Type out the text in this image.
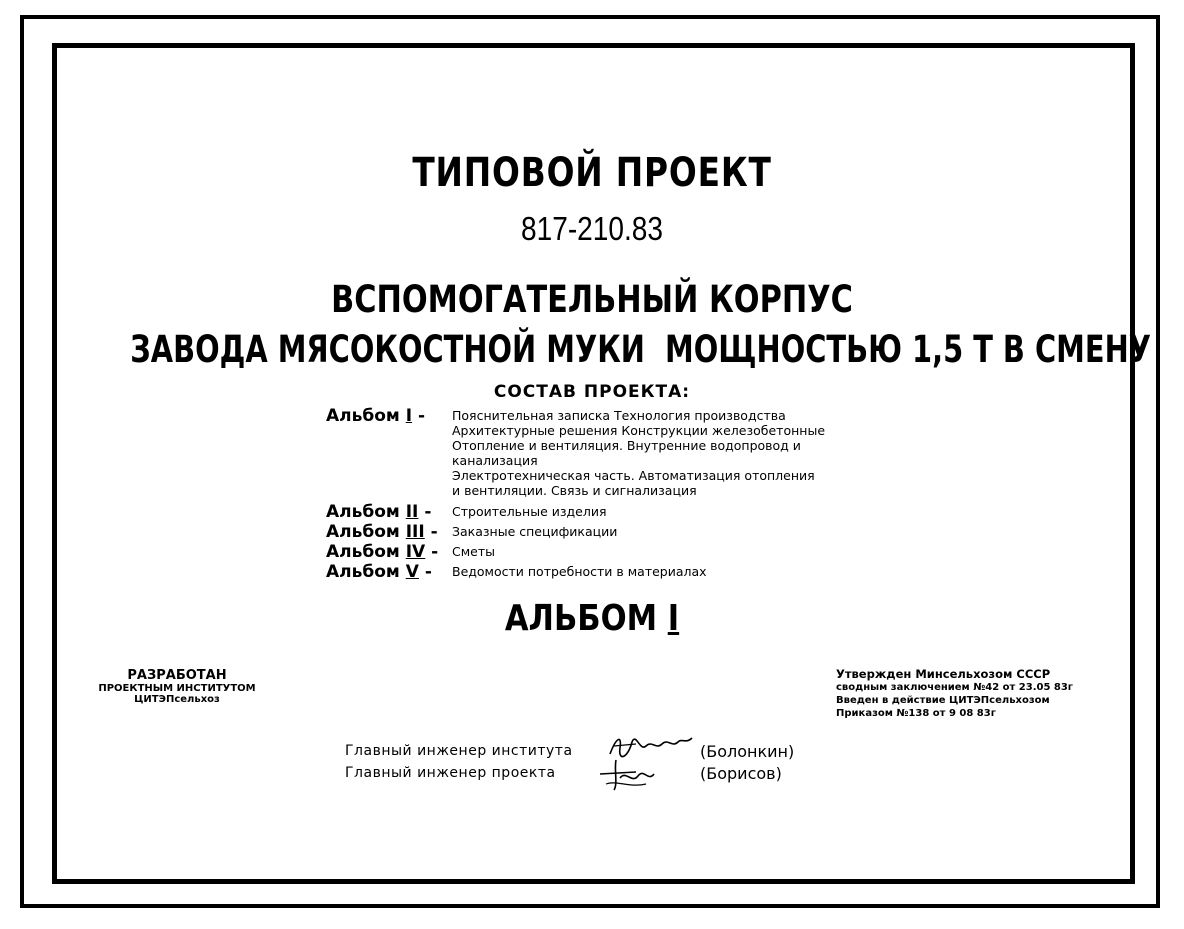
ТИПОВОЙ ПРОЕКТ
817-210.83
ВСПОМОГАТЕЛЬНЫЙ КОРПУС
ЗАВОДА МЯСОКОСТНОЙ МУКИ  МОЩНОСТЬЮ 1,5 Т В СМЕНУ
СОСТАВ ПРОЕКТА:
Альбом I - Пояснительная записка Технология производства
Архитектурные решения Конструкции железобетонные
Отопление и вентиляция. Внутренние водопровод и
канализация
Электротехническая часть. Автоматизация отопления
и вентиляции. Связь и сигнализация
Альбом II - Строительные изделия
Альбом III - Заказные спецификации
Альбом IV - Сметы
Альбом V - Ведомости потребности в материалах
АЛЬБОМ I
РАЗРАБОТАН
ПРОЕКТНЫМ ИНСТИТУТОМ
ЦИТЭПсельхоз
Утвержден Минсельхозом СССР
сводным заключением №42 от 23.05 83г
Введен в действие ЦИТЭПсельхозом
Приказом №138 от 9 08 83г
Главный инженер института	(Болонкин)
Главный инженер проекта	(Борисов)
